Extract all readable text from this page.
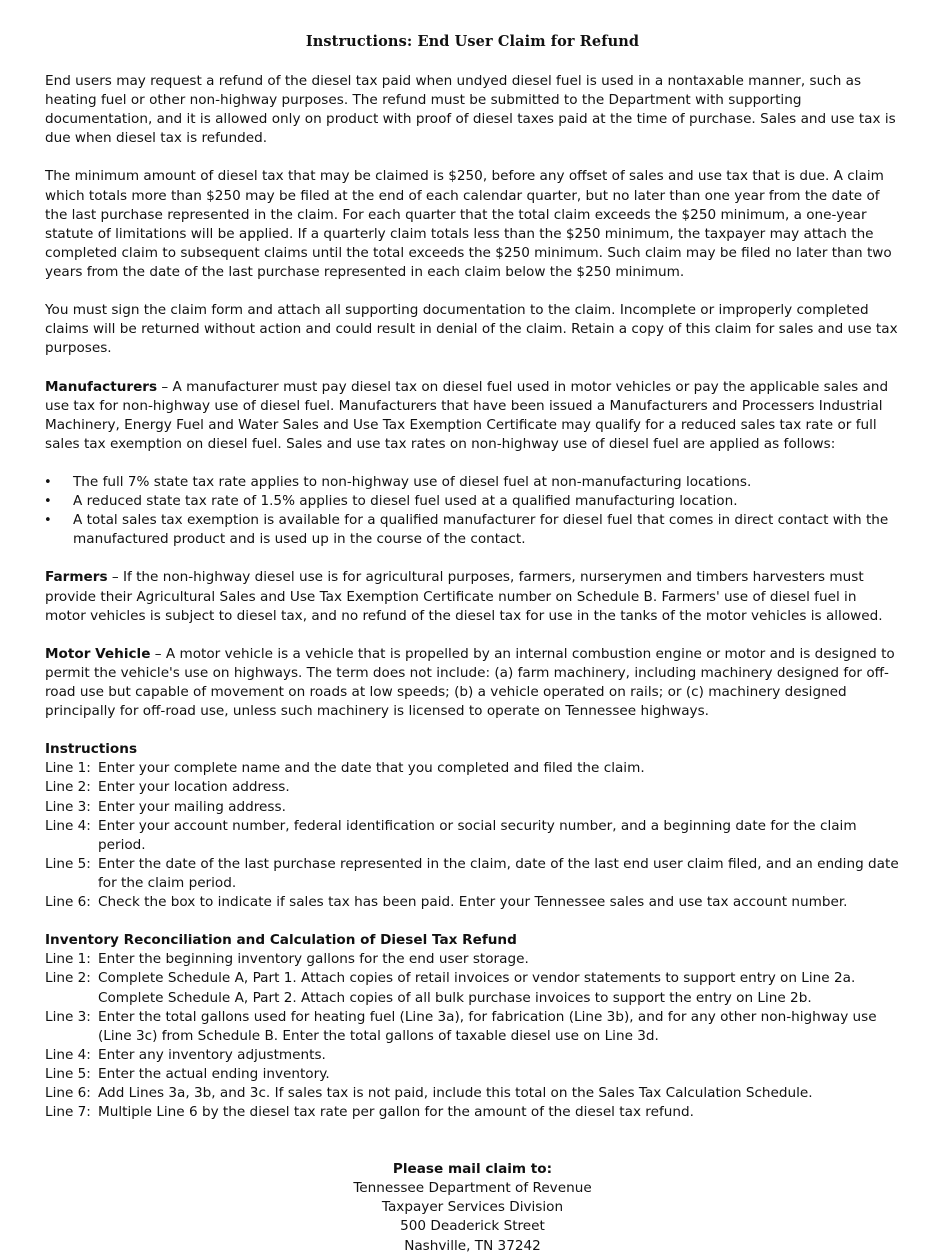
Instructions: End User Claim for Refund

End users may request a refund of the diesel tax paid when undyed diesel fuel is used in a nontaxable manner, such as heating fuel or other non-highway purposes. The refund must be submitted to the Department with supporting documentation, and it is allowed only on product with proof of diesel taxes paid at the time of purchase. Sales and use tax is due when diesel tax is refunded.

The minimum amount of diesel tax that may be claimed is $250, before any offset of sales and use tax that is due. A claim which totals more than $250 may be filed at the end of each calendar quarter, but no later than one year from the date of the last purchase represented in the claim. For each quarter that the total claim exceeds the $250 minimum, a one-year statute of limitations will be applied. If a quarterly claim totals less than the $250 minimum, the taxpayer may attach the completed claim to subsequent claims until the total exceeds the $250 minimum. Such claim may be filed no later than two years from the date of the last purchase represented in each claim below the $250 minimum.

You must sign the claim form and attach all supporting documentation to the claim. Incomplete or improperly completed claims will be returned without action and could result in denial of the claim. Retain a copy of this claim for sales and use tax purposes.

Manufacturers – A manufacturer must pay diesel tax on diesel fuel used in motor vehicles or pay the applicable sales and use tax for non-highway use of diesel fuel. Manufacturers that have been issued a Manufacturers and Processers Industrial Machinery, Energy Fuel and Water Sales and Use Tax Exemption Certificate may qualify for a reduced sales tax rate or full sales tax exemption on diesel fuel. Sales and use tax rates on non-highway use of diesel fuel are applied as follows:

• The full 7% state tax rate applies to non-highway use of diesel fuel at non-manufacturing locations.
• A reduced state tax rate of 1.5% applies to diesel fuel used at a qualified manufacturing location.
• A total sales tax exemption is available for a qualified manufacturer for diesel fuel that comes in direct contact with the manufactured product and is used up in the course of the contact.

Farmers – If the non-highway diesel use is for agricultural purposes, farmers, nurserymen and timbers harvesters must provide their Agricultural Sales and Use Tax Exemption Certificate number on Schedule B. Farmers' use of diesel fuel in motor vehicles is subject to diesel tax, and no refund of the diesel tax for use in the tanks of the motor vehicles is allowed.

Motor Vehicle – A motor vehicle is a vehicle that is propelled by an internal combustion engine or motor and is designed to permit the vehicle's use on highways. The term does not include: (a) farm machinery, including machinery designed for off-road use but capable of movement on roads at low speeds; (b) a vehicle operated on rails; or (c) machinery designed principally for off-road use, unless such machinery is licensed to operate on Tennessee highways.

Instructions
Line 1: Enter your complete name and the date that you completed and filed the claim.
Line 2: Enter your location address.
Line 3: Enter your mailing address.
Line 4: Enter your account number, federal identification or social security number, and a beginning date for the claim period.
Line 5: Enter the date of the last purchase represented in the claim, date of the last end user claim filed, and an ending date for the claim period.
Line 6: Check the box to indicate if sales tax has been paid. Enter your Tennessee sales and use tax account number.
Inventory Reconciliation and Calculation of Diesel Tax Refund
Line 1: Enter the beginning inventory gallons for the end user storage.
Line 2: Complete Schedule A, Part 1. Attach copies of retail invoices or vendor statements to support entry on Line 2a.
Complete Schedule A, Part 2. Attach copies of all bulk purchase invoices to support the entry on Line 2b.
Line 3: Enter the total gallons used for heating fuel (Line 3a), for fabrication (Line 3b), and for any other non-highway use (Line 3c) from Schedule B. Enter the total gallons of taxable diesel use on Line 3d.
Line 4: Enter any inventory adjustments.
Line 5: Enter the actual ending inventory.
Line 6: Add Lines 3a, 3b, and 3c. If sales tax is not paid, include this total on the Sales Tax Calculation Schedule.
Line 7: Multiple Line 6 by the diesel tax rate per gallon for the amount of the diesel tax refund.
Please mail claim to:
Tennessee Department of Revenue
Taxpayer Services Division
500 Deaderick Street
Nashville, TN 37242
